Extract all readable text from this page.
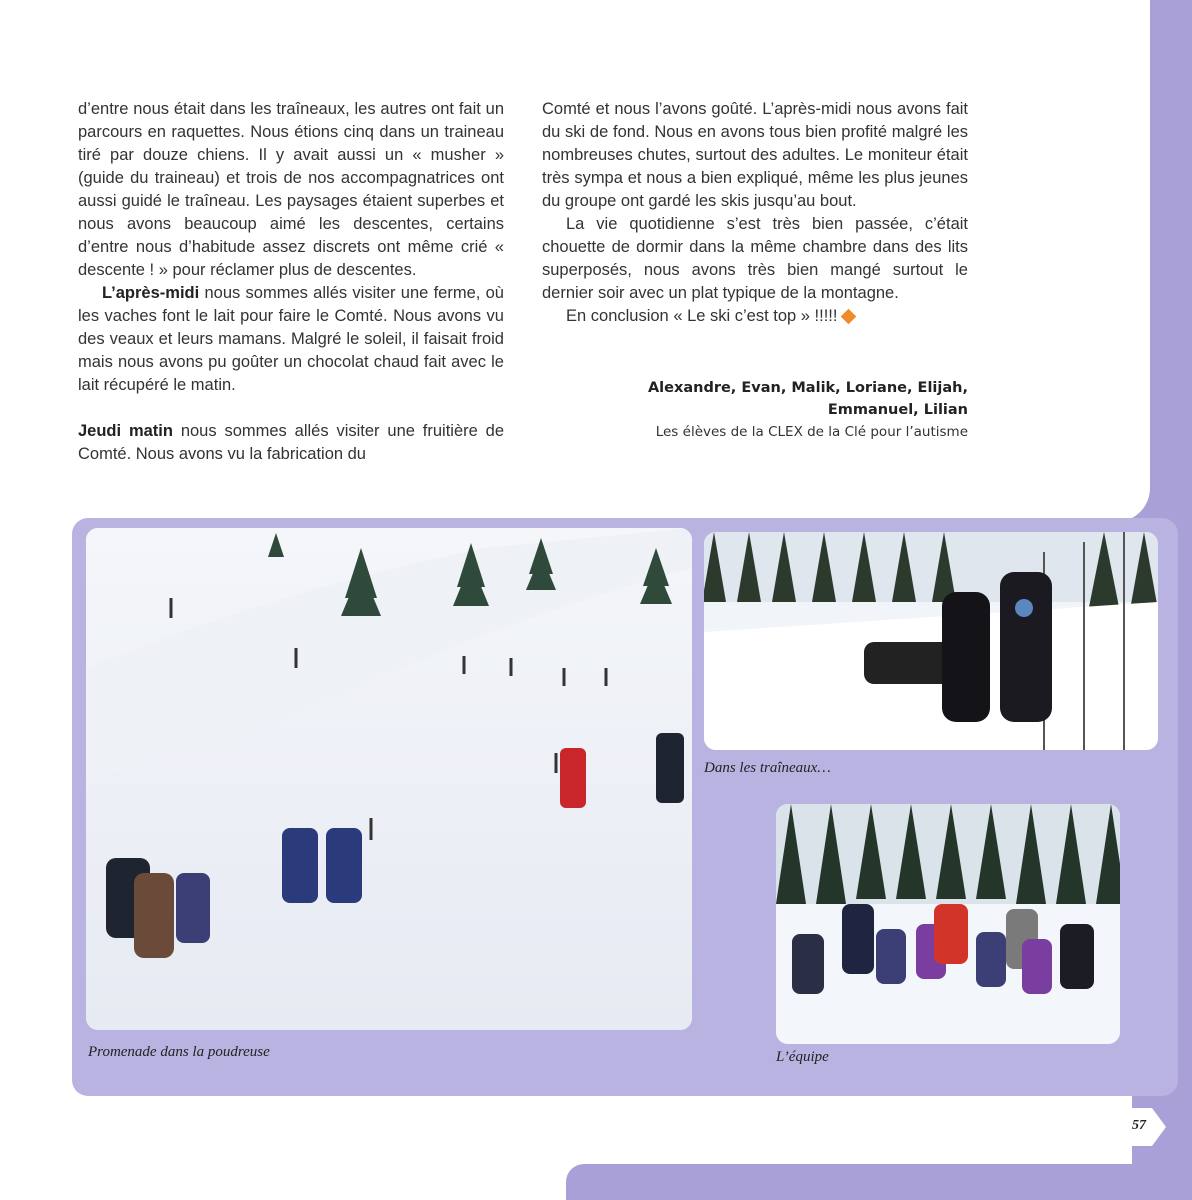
d’entre nous était dans les traîneaux, les autres ont fait un parcours en raquettes. Nous étions cinq dans un traineau tiré par douze chiens. Il y avait aussi un « musher » (guide du traineau) et trois de nos accompagnatrices ont aussi guidé le traîneau. Les paysages étaient superbes et nous avons beaucoup aimé les descentes, certains d’entre nous d’habitude assez discrets ont même crié « descente ! » pour réclamer plus de descentes.

L’après-midi nous sommes allés visiter une ferme, où les vaches font le lait pour faire le Comté. Nous avons vu des veaux et leurs mamans. Malgré le soleil, il faisait froid mais nous avons pu goûter un chocolat chaud fait avec le lait récupéré le matin.

Jeudi matin nous sommes allés visiter une fruitière de Comté. Nous avons vu la fabrication du

Comté et nous l’avons goûté. L’après-midi nous avons fait du ski de fond. Nous en avons tous bien profité malgré les nombreuses chutes, surtout des adultes. Le moniteur était très sympa et nous a bien expliqué, même les plus jeunes du groupe ont gardé les skis jusqu’au bout.

La vie quotidienne s’est très bien passée, c’était chouette de dormir dans la même chambre dans des lits superposés, nous avons très bien mangé surtout le dernier soir avec un plat typique de la montagne.

En conclusion « Le ski c’est top » !!!!!

Alexandre, Evan, Malik, Loriane, Elijah,
Emmanuel, Lilian
Les élèves de la CLEX de la Clé pour l’autisme
Promenade dans la poudreuse
Dans les traîneaux…
L’équipe
57
